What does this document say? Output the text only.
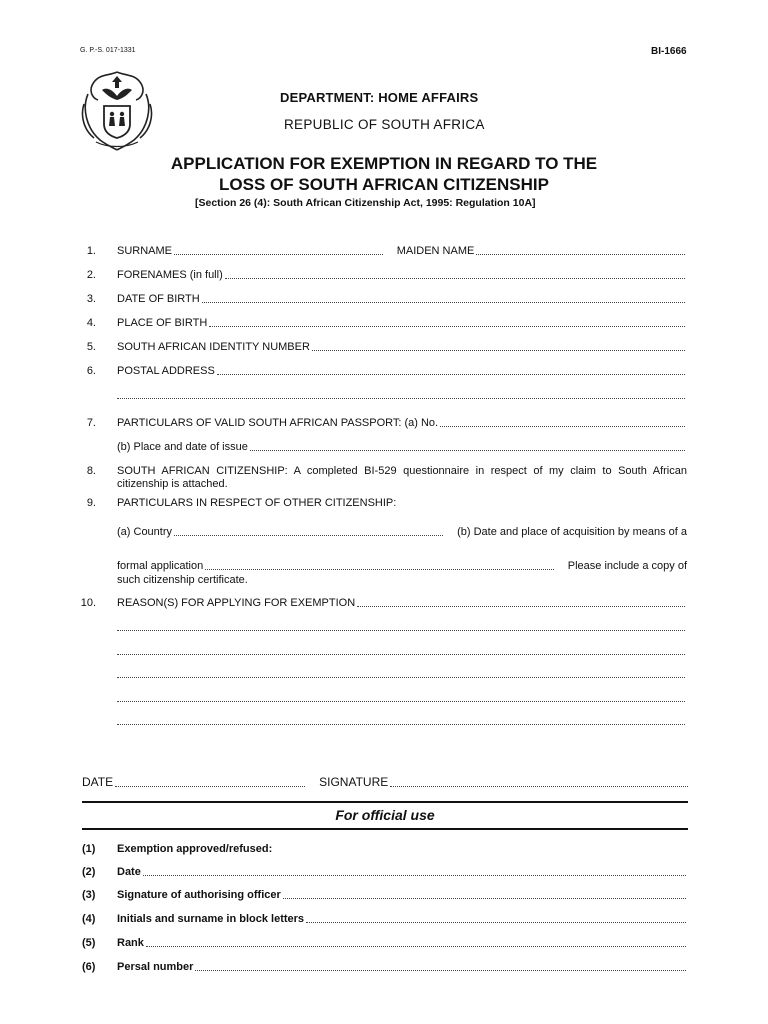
G. P.-S. 017-1331	BI-1666
DEPARTMENT: HOME AFFAIRS
REPUBLIC OF SOUTH AFRICA
APPLICATION FOR EXEMPTION IN REGARD TO THE
LOSS OF SOUTH AFRICAN CITIZENSHIP
[Section 26 (4): South African Citizenship Act, 1995: Regulation 10A]
1. SURNAME	MAIDEN NAME
2. FORENAMES (in full)
3. DATE OF BIRTH
4. PLACE OF BIRTH
5. SOUTH AFRICAN IDENTITY NUMBER
6. POSTAL ADDRESS
7. PARTICULARS OF VALID SOUTH AFRICAN PASSPORT: (a) No.
(b) Place and date of issue
8. SOUTH AFRICAN CITIZENSHIP: A completed BI-529 questionnaire in respect of my claim to South African
citizenship is attached.
9. PARTICULARS IN RESPECT OF OTHER CITIZENSHIP:
(a) Country	(b) Date and place of acquisition by means of a
formal application	Please include a copy of
such citizenship certificate.
10. REASON(S) FOR APPLYING FOR EXEMPTION
DATE	SIGNATURE
For official use
(1)	Exemption approved/refused:
(2)	Date
(3)	Signature of authorising officer
(4)	Initials and surname in block letters
(5)	Rank
(6)	Persal number
